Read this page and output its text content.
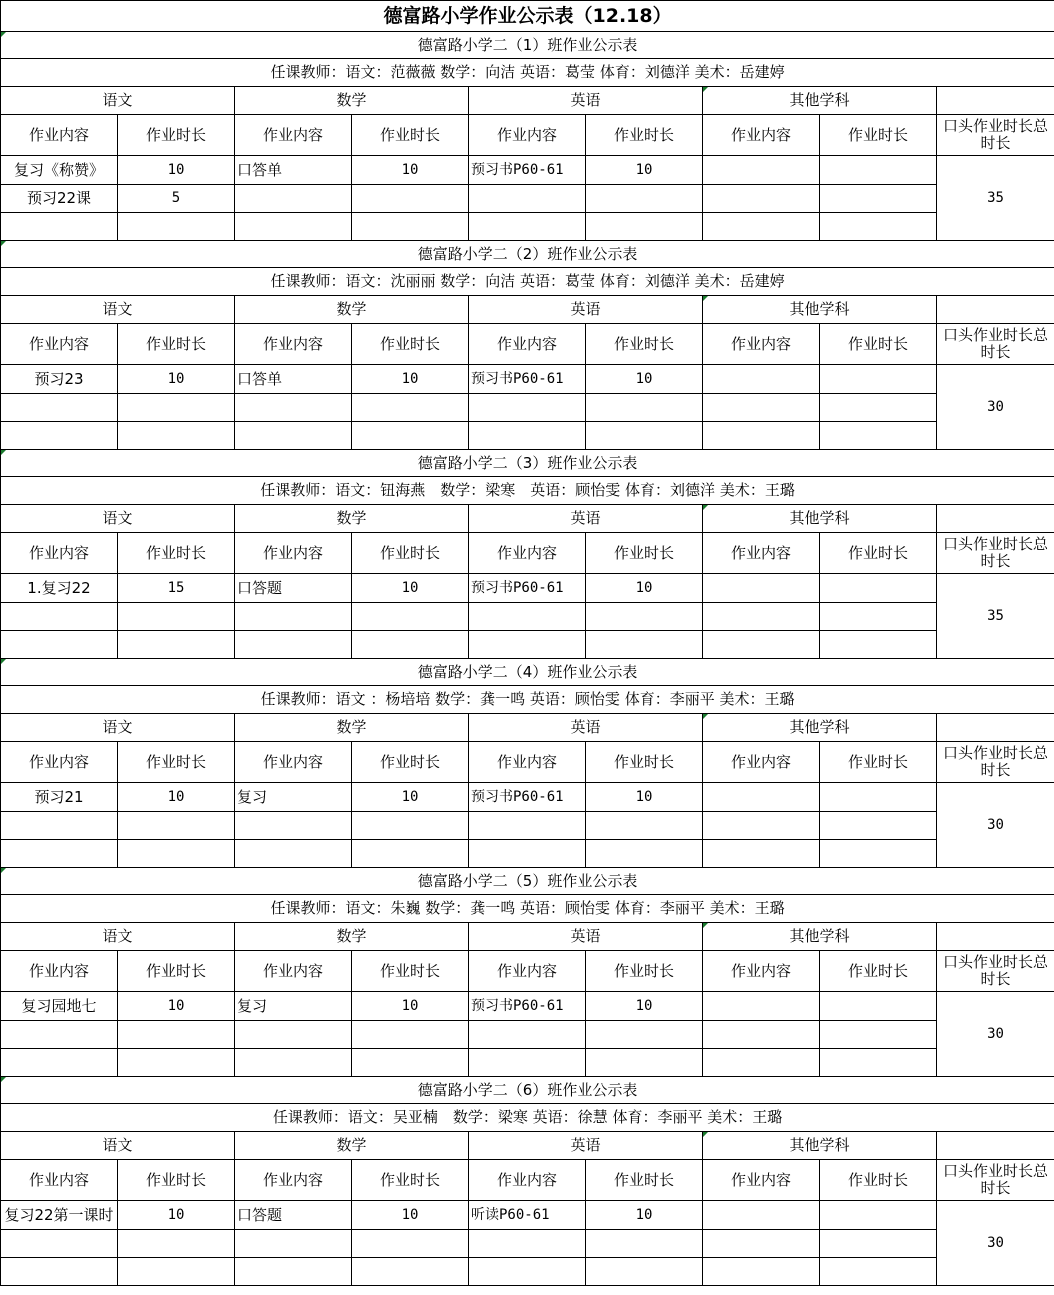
德富路小学作业公示表（12.18）								
德富路小学二（1）班作业公示表								
任课教师：语文：范薇薇 数学：向洁 英语：葛莹 体育：刘德洋 美术：岳建婷								
语文		数学		英语		其他学科		
作业内容	作业时长	作业内容	作业时长	作业内容	作业时长	作业内容	作业时长	口头作业时长总时长
复习《称赞》	10	口答单	10	预习书P60-61	10			35
预习22课	5							

德富路小学二（2）班作业公示表								
任课教师：语文：沈丽丽 数学：向洁 英语：葛莹 体育：刘德洋 美术：岳建婷								
语文		数学		英语		其他学科		
作业内容	作业时长	作业内容	作业时长	作业内容	作业时长	作业内容	作业时长	口头作业时长总时长
预习23	10	口答单	10	预习书P60-61	10			30

德富路小学二（3）班作业公示表								
任课教师：语文：钮海燕　数学：梁寒　英语：顾怡雯 体育：刘德洋 美术：王璐								
语文		数学		英语		其他学科		
作业内容	作业时长	作业内容	作业时长	作业内容	作业时长	作业内容	作业时长	口头作业时长总时长
1.复习22	15	口答题	10	预习书P60-61	10			35

德富路小学二（4）班作业公示表								
任课教师：语文 ：杨培培 数学：龚一鸣 英语：顾怡雯 体育：李丽平 美术：王璐								
语文		数学		英语		其他学科		
作业内容	作业时长	作业内容	作业时长	作业内容	作业时长	作业内容	作业时长	口头作业时长总时长
预习21	10	复习	10	预习书P60-61	10			30

德富路小学二（5）班作业公示表								
任课教师：语文：朱巍 数学：龚一鸣 英语：顾怡雯 体育：李丽平 美术：王璐								
语文		数学		英语		其他学科		
作业内容	作业时长	作业内容	作业时长	作业内容	作业时长	作业内容	作业时长	口头作业时长总时长
复习园地七	10	复习	10	预习书P60-61	10			30

德富路小学二（6）班作业公示表								
任课教师：语文：吴亚楠　数学：梁寒 英语：徐慧 体育：李丽平 美术：王璐								
语文		数学		英语		其他学科		
作业内容	作业时长	作业内容	作业时长	作业内容	作业时长	作业内容	作业时长	口头作业时长总时长
复习22第一课时	10	口答题	10	听读P60-61	10			30
